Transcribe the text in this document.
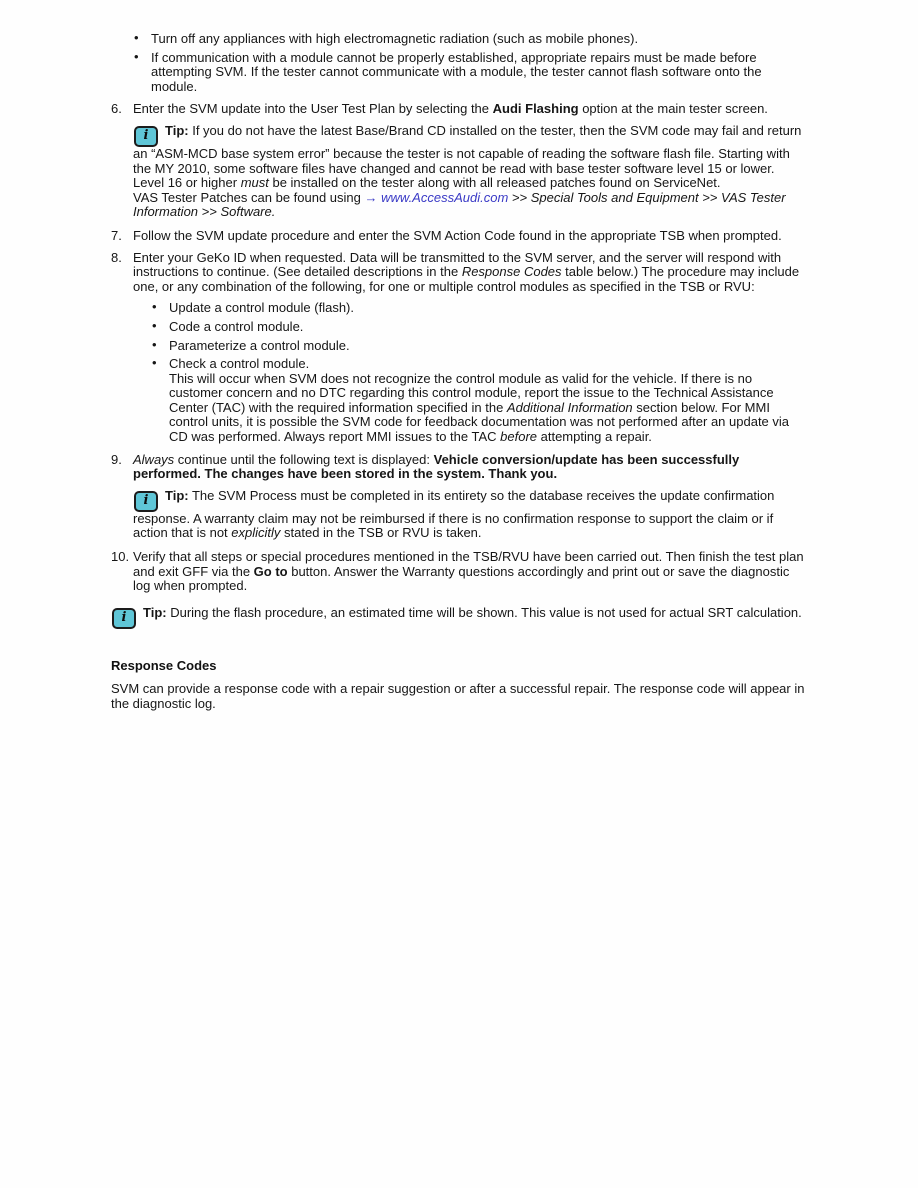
• Turn off any appliances with high electromagnetic radiation (such as mobile phones).
• If communication with a module cannot be properly established, appropriate repairs must be made before attempting SVM. If the tester cannot communicate with a module, the tester cannot flash software onto the module.
6. Enter the SVM update into the User Test Plan by selecting the Audi Flashing option at the main tester screen.
i Tip: If you do not have the latest Base/Brand CD installed on the tester, then the SVM code may fail and return an “ASM-MCD base system error” because the tester is not capable of reading the software flash file. Starting with the MY 2010, some software files have changed and cannot be read with base tester software level 15 or lower. Level 16 or higher must be installed on the tester along with all released patches found on ServiceNet.
VAS Tester Patches can be found using → www.AccessAudi.com >> Special Tools and Equipment >> VAS Tester Information >> Software.
7. Follow the SVM update procedure and enter the SVM Action Code found in the appropriate TSB when prompted.
8. Enter your GeKo ID when requested. Data will be transmitted to the SVM server, and the server will respond with instructions to continue. (See detailed descriptions in the Response Codes table below.) The procedure may include one, or any combination of the following, for one or multiple control modules as specified in the TSB or RVU:
• Update a control module (flash).
• Code a control module.
• Parameterize a control module.
• Check a control module.
This will occur when SVM does not recognize the control module as valid for the vehicle. If there is no customer concern and no DTC regarding this control module, report the issue to the Technical Assistance Center (TAC) with the required information specified in the Additional Information section below. For MMI control units, it is possible the SVM code for feedback documentation was not performed after an update via CD was performed. Always report MMI issues to the TAC before attempting a repair.
9. Always continue until the following text is displayed: Vehicle conversion/update has been successfully performed. The changes have been stored in the system. Thank you.
i Tip: The SVM Process must be completed in its entirety so the database receives the update confirmation response. A warranty claim may not be reimbursed if there is no confirmation response to support the claim or if action that is not explicitly stated in the TSB or RVU is taken.
10. Verify that all steps or special procedures mentioned in the TSB/RVU have been carried out. Then finish the test plan and exit GFF via the Go to button. Answer the Warranty questions accordingly and print out or save the diagnostic log when prompted.
i Tip: During the flash procedure, an estimated time will be shown. This value is not used for actual SRT calculation.
Response Codes

SVM can provide a response code with a repair suggestion or after a successful repair. The response code will appear in the diagnostic log.
